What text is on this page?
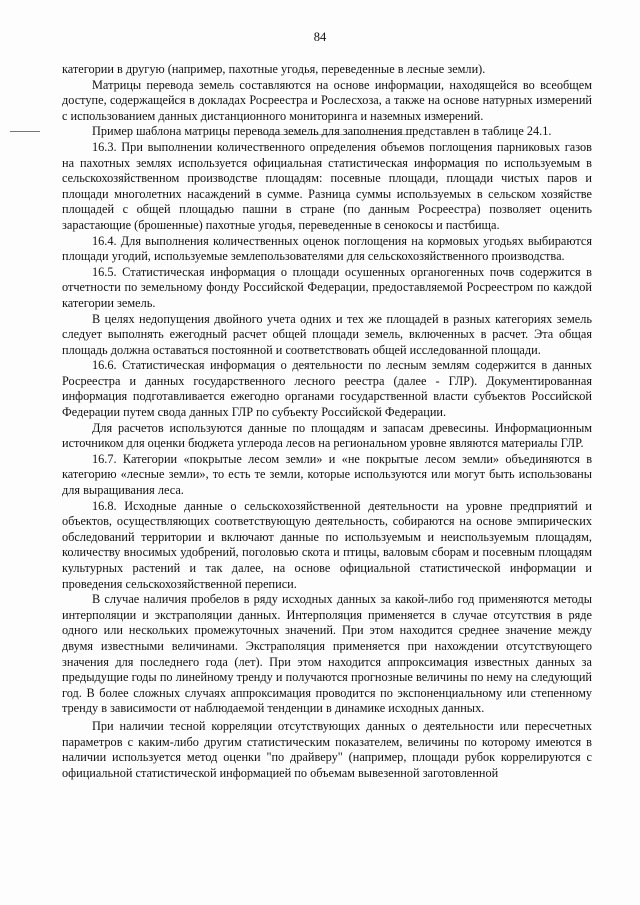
84

категории в другую (например, пахотные угодья, переведенные в лесные земли).

Матрицы перевода земель составляются на основе информации, находящейся во всеобщем доступе, содержащейся в докладах Росреестра и Рослесхоза, а также на основе натурных измерений с использованием данных дистанционного мониторинга и наземных измерений.

Пример шаблона матрицы перевода земель для заполнения представлен в таблице 24.1.

16.3. При выполнении количественного определения объемов поглощения парниковых газов на пахотных землях используется официальная статистическая информация по используемым в сельскохозяйственном производстве площадям: посевные площади, площади чистых паров и площади многолетних насаждений в сумме. Разница суммы используемых в сельском хозяйстве площадей с общей площадью пашни в стране (по данным Росреестра) позволяет оценить зарастающие (брошенные) пахотные угодья, переведенные в сенокосы и пастбища.

16.4. Для выполнения количественных оценок поглощения на кормовых угодьях выбираются площади угодий, используемые землепользователями для сельскохозяйственного производства.

16.5. Статистическая информация о площади осушенных органогенных почв содержится в отчетности по земельному фонду Российской Федерации, предоставляемой Росреестром по каждой категории земель.

В целях недопущения двойного учета одних и тех же площадей в разных категориях земель следует выполнять ежегодный расчет общей площади земель, включенных в расчет. Эта общая площадь должна оставаться постоянной и соответствовать общей исследованной площади.

16.6. Статистическая информация о деятельности по лесным землям содержится в данных Росреестра и данных государственного лесного реестра (далее - ГЛР). Документированная информация подготавливается ежегодно органами государственной власти субъектов Российской Федерации путем свода данных ГЛР по субъекту Российской Федерации.

Для расчетов используются данные по площадям и запасам древесины. Информационным источником для оценки бюджета углерода лесов на региональном уровне являются материалы ГЛР.

16.7. Категории «покрытые лесом земли» и «не покрытые лесом земли» объединяются в категорию «лесные земли», то есть те земли, которые используются или могут быть использованы для выращивания леса.

16.8. Исходные данные о сельскохозяйственной деятельности на уровне предприятий и объектов, осуществляющих соответствующую деятельность, собираются на основе эмпирических обследований территории и включают данные по используемым и неиспользуемым площадям, количеству вносимых удобрений, поголовью скота и птицы, валовым сборам и посевным площадям культурных растений и так далее, на основе официальной статистической информации и проведения сельскохозяйственной переписи.

В случае наличия пробелов в ряду исходных данных за какой-либо год применяются методы интерполяции и экстраполяции данных. Интерполяция применяется в случае отсутствия в ряде одного или нескольких промежуточных значений. При этом находится среднее значение между двумя известными величинами. Экстраполяция применяется при нахождении отсутствующего значения для последнего года (лет). При этом находится аппроксимация известных данных за предыдущие годы по линейному тренду и получаются прогнозные величины по нему на следующий год. В более сложных случаях аппроксимация проводится по экспоненциальному или степенному тренду в зависимости от наблюдаемой тенденции в динамике исходных данных.

При наличии тесной корреляции отсутствующих данных о деятельности или пересчетных параметров с каким-либо другим статистическим показателем, величины по которому имеются в наличии используется метод оценки "по драйверу" (например, площади рубок коррелируются с официальной статистической информацией по объемам вывезенной заготовленной
